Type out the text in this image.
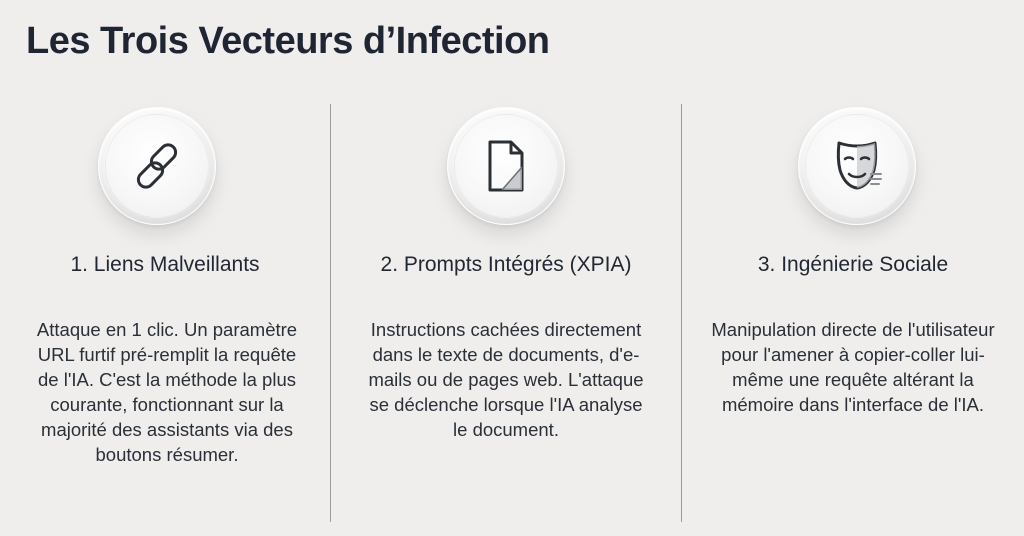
Les Trois Vecteurs d’Infection
1. Liens Malveillants

Attaque en 1 clic. Un paramètre URL furtif pré-remplit la requête de l'IA. C'est la méthode la plus courante, fonctionnant sur la majorité des assistants via des boutons résumer.

2. Prompts Intégrés (XPIA)

Instructions cachées directement dans le texte de documents, d'e-mails ou de pages web. L'attaque se déclenche lorsque l'IA analyse le document.

3. Ingénierie Sociale

Manipulation directe de l'utilisateur pour l'amener à copier-coller lui-même une requête altérant la mémoire dans l'interface de l'IA.
